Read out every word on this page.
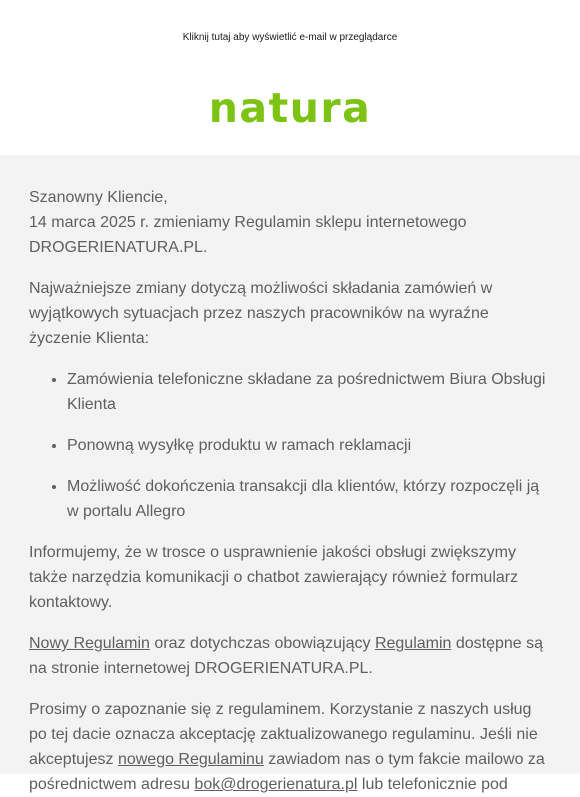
Kliknij tutaj aby wyświetlić e-mail w przeglądarce
natura

Szanowny Kliencie,
14 marca 2025 r. zmieniamy Regulamin sklepu internetowego DROGERIENATURA.PL.

Najważniejsze zmiany dotyczą możliwości składania zamówień w wyjątkowych sytuacjach przez naszych pracowników na wyraźne życzenie Klienta:

• Zamówienia telefoniczne składane za pośrednictwem Biura Obsługi Klienta
• Ponowną wysyłkę produktu w ramach reklamacji
• Możliwość dokończenia transakcji dla klientów, którzy rozpoczęli ją w portalu Allegro

Informujemy, że w trosce o usprawnienie jakości obsługi zwiększymy także narzędzia komunikacji o chatbot zawierający również formularz kontaktowy.

Nowy Regulamin oraz dotychczas obowiązujący Regulamin dostępne są na stronie internetowej DROGERIENATURA.PL.

Prosimy o zapoznanie się z regulaminem. Korzystanie z naszych usług po tej dacie oznacza akceptację zaktualizowanego regulaminu. Jeśli nie akceptujesz nowego Regulaminu zawiadom nas o tym fakcie mailowo za pośrednictwem adresu bok@drogerienatura.pl lub telefonicznie pod
